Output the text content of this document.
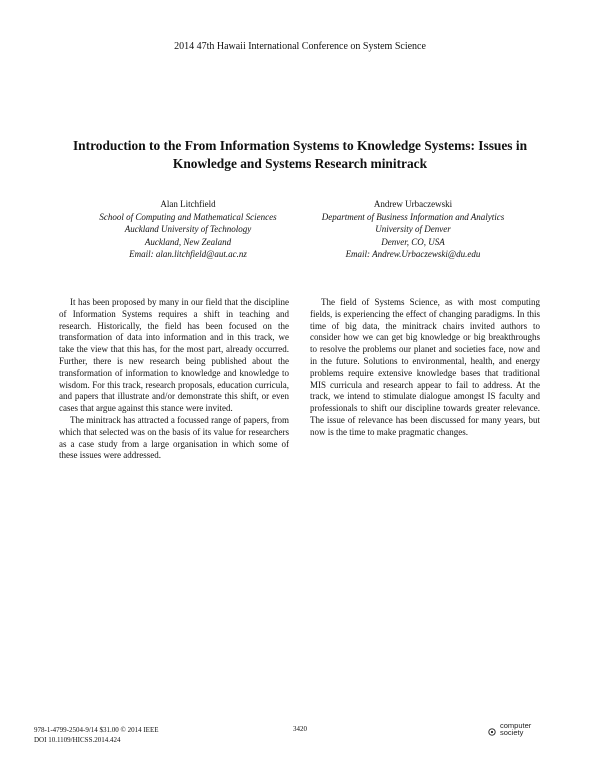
2014 47th Hawaii International Conference on System Science
Introduction to the From Information Systems to Knowledge Systems: Issues in Knowledge and Systems Research minitrack
Alan Litchfield
School of Computing and Mathematical Sciences
Auckland University of Technology
Auckland, New Zealand
Email: alan.litchfield@aut.ac.nz
Andrew Urbaczewski
Department of Business Information and Analytics
University of Denver
Denver, CO, USA
Email: Andrew.Urbaczewski@du.edu

It has been proposed by many in our field that the discipline of Information Systems requires a shift in teaching and research. Historically, the field has been focused on the transformation of data into information and in this track, we take the view that this has, for the most part, already occurred. Further, there is new research being published about the transformation of information to knowledge and knowledge to wisdom. For this track, research proposals, education curricula, and papers that illustrate and/or demonstrate this shift, or even cases that argue against this stance were invited.

The minitrack has attracted a focussed range of papers, from which that selected was on the basis of its value for researchers as a case study from a large organisation in which some of these issues were addressed.

The field of Systems Science, as with most computing fields, is experiencing the effect of changing paradigms. In this time of big data, the minitrack chairs invited authors to consider how we can get big knowledge or big breakthroughs to resolve the problems our planet and societies face, now and in the future. Solutions to environmental, health, and energy problems require extensive knowledge bases that traditional MIS curricula and research appear to fail to address. At the track, we intend to stimulate dialogue amongst IS faculty and professionals to shift our discipline towards greater relevance. The issue of relevance has been discussed for many years, but now is the time to make pragmatic changes.

978-1-4799-2504-9/14 $31.00 © 2014 IEEE
DOI 10.1109/HICSS.2014.424
3420	computer
society
